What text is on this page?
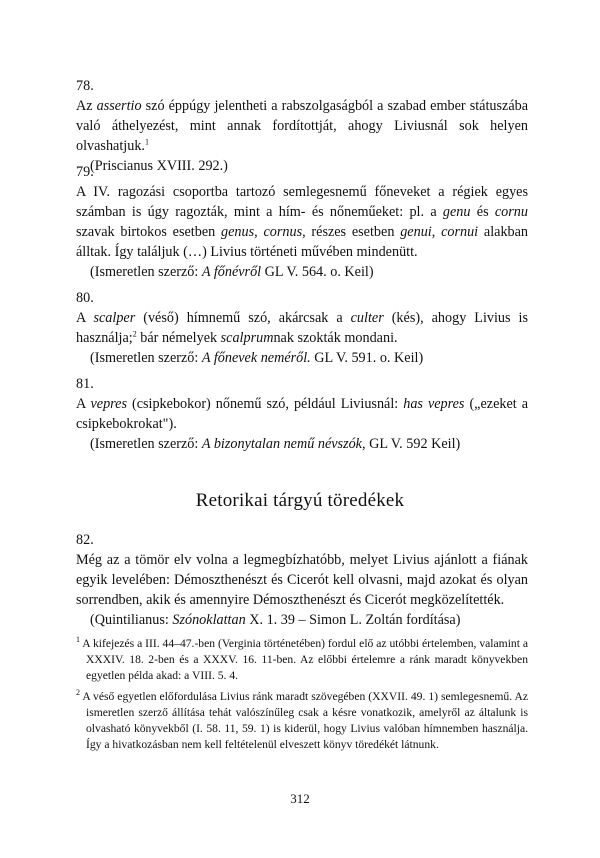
78.
Az assertio szó éppúgy jelentheti a rabszolgaságból a szabad ember státuszába való áthelyezést, mint annak fordítottját, ahogy Liviusnál sok helyen olvashatjuk.$^1$
(Priscianus XVIII. 292.)
79.
A IV. ragozási csoportba tartozó semlegesnemű főneveket a régiek egyes számban is úgy ragozták, mint a hím- és nőneműeket: pl. a genu és cornu szavak birtokos esetben genus, cornus, részes esetben genui, cornui alakban álltak. Így találjuk (…) Livius történeti művében mindenütt.
(Ismeretlen szerző: A főnévről GL V. 564. o. Keil)
80.
A scalper (véső) hímnemű szó, akárcsak a culter (kés), ahogy Livius is használja;$^2$ bár némelyek scalprumnak szokták mondani.
(Ismeretlen szerző: A főnevek neméről. GL V. 591. o. Keil)
81.
A vepres (csipkebokor) nőnemű szó, például Liviusnál: has vepres („ezeket a csipkebokrokat").
(Ismeretlen szerző: A bizonytalan nemű névszók, GL V. 592 Keil)
Retorikai tárgyú töredékek
82.
Még az a tömör elv volna a legmegbízhatóbb, melyet Livius ajánlott a fiának egyik levelében: Démoszthenészt és Cicerót kell olvasni, majd azokat és olyan sorrendben, akik és amennyire Démoszthenészt és Cicerót megközelítették.
(Quintilianus: Szónoklattan X. 1. 39 – Simon L. Zoltán fordítása)

$^1$ A kifejezés a III. 44–47.-ben (Verginia történetében) fordul elő az utóbbi értelemben, valamint a XXXIV. 18. 2-ben és a XXXV. 16. 11-ben. Az előbbi értelemre a ránk maradt könyvekben egyetlen példa akad: a VIII. 5. 4.

$^2$ A véső egyetlen előfordulása Livius ránk maradt szövegében (XXVII. 49. 1) semlegesnemű. Az ismeretlen szerző állítása tehát valószínűleg csak a késre vonatkozik, amelyről az általunk is olvasható könyvekből (I. 58. 11, 59. 1) is kiderül, hogy Livius valóban hímnemben használja. Így a hivatkozásban nem kell feltételenül elveszett könyv töredékét látnunk.

312
